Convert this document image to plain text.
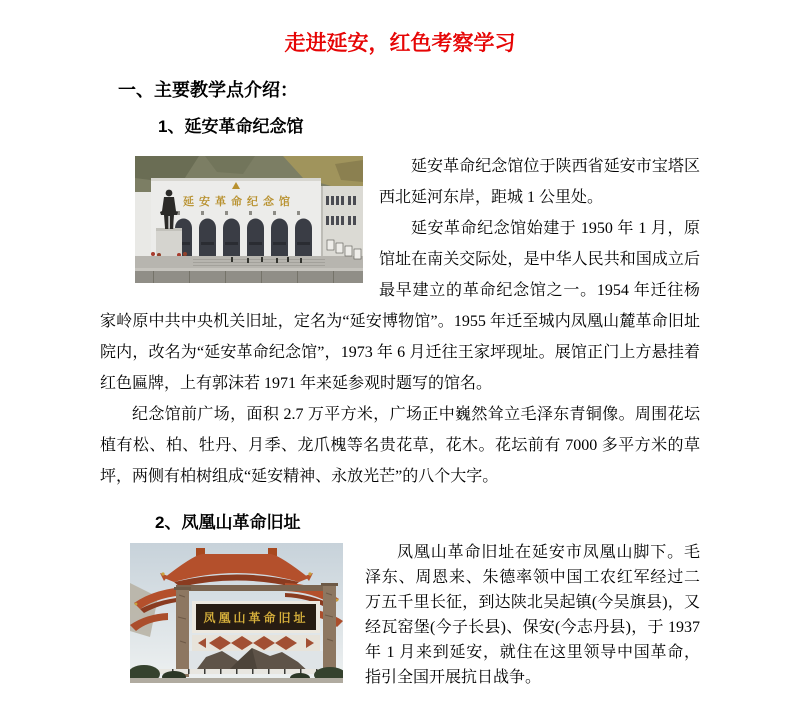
走进延安，红色考察学习
一、主要教学点介绍：
1、延安革命纪念馆
延安革命纪念馆

延安革命纪念馆位于陕西省延安市宝塔区西北延河东岸，距城 1 公里处。

延安革命纪念馆始建于 1950 年 1 月，原馆址在南关交际处，是中华人民共和国成立后最早建立的革命纪念馆之一。1954 年迁往杨家岭原中共中央机关旧址，定名为“延安博物馆”。1955 年迁至城内凤凰山麓革命旧址院内，改名为“延安革命纪念馆”，1973 年 6 月迁往王家坪现址。展馆正门上方悬挂着红色匾牌，上有郭沫若 1971 年来延参观时题写的馆名。

纪念馆前广场，面积 2.7 万平方米，广场正中巍然耸立毛泽东青铜像。周围花坛植有松、柏、牡丹、月季、龙爪槐等名贵花草，花木。花坛前有 7000 多平方米的草坪，两侧有柏树组成“延安精神、永放光芒”的八个大字。

2、凤凰山革命旧址
凤凰山革命旧址

凤凰山革命旧址在延安市凤凰山脚下。毛泽东、周恩来、朱德率领中国工农红军经过二万五千里长征，到达陕北吴起镇(今吴旗县)，又经瓦窑堡(今子长县)、保安(今志丹县)，于 1937 年 1 月来到延安，就住在这里领导中国革命，指引全国开展抗日战争。
